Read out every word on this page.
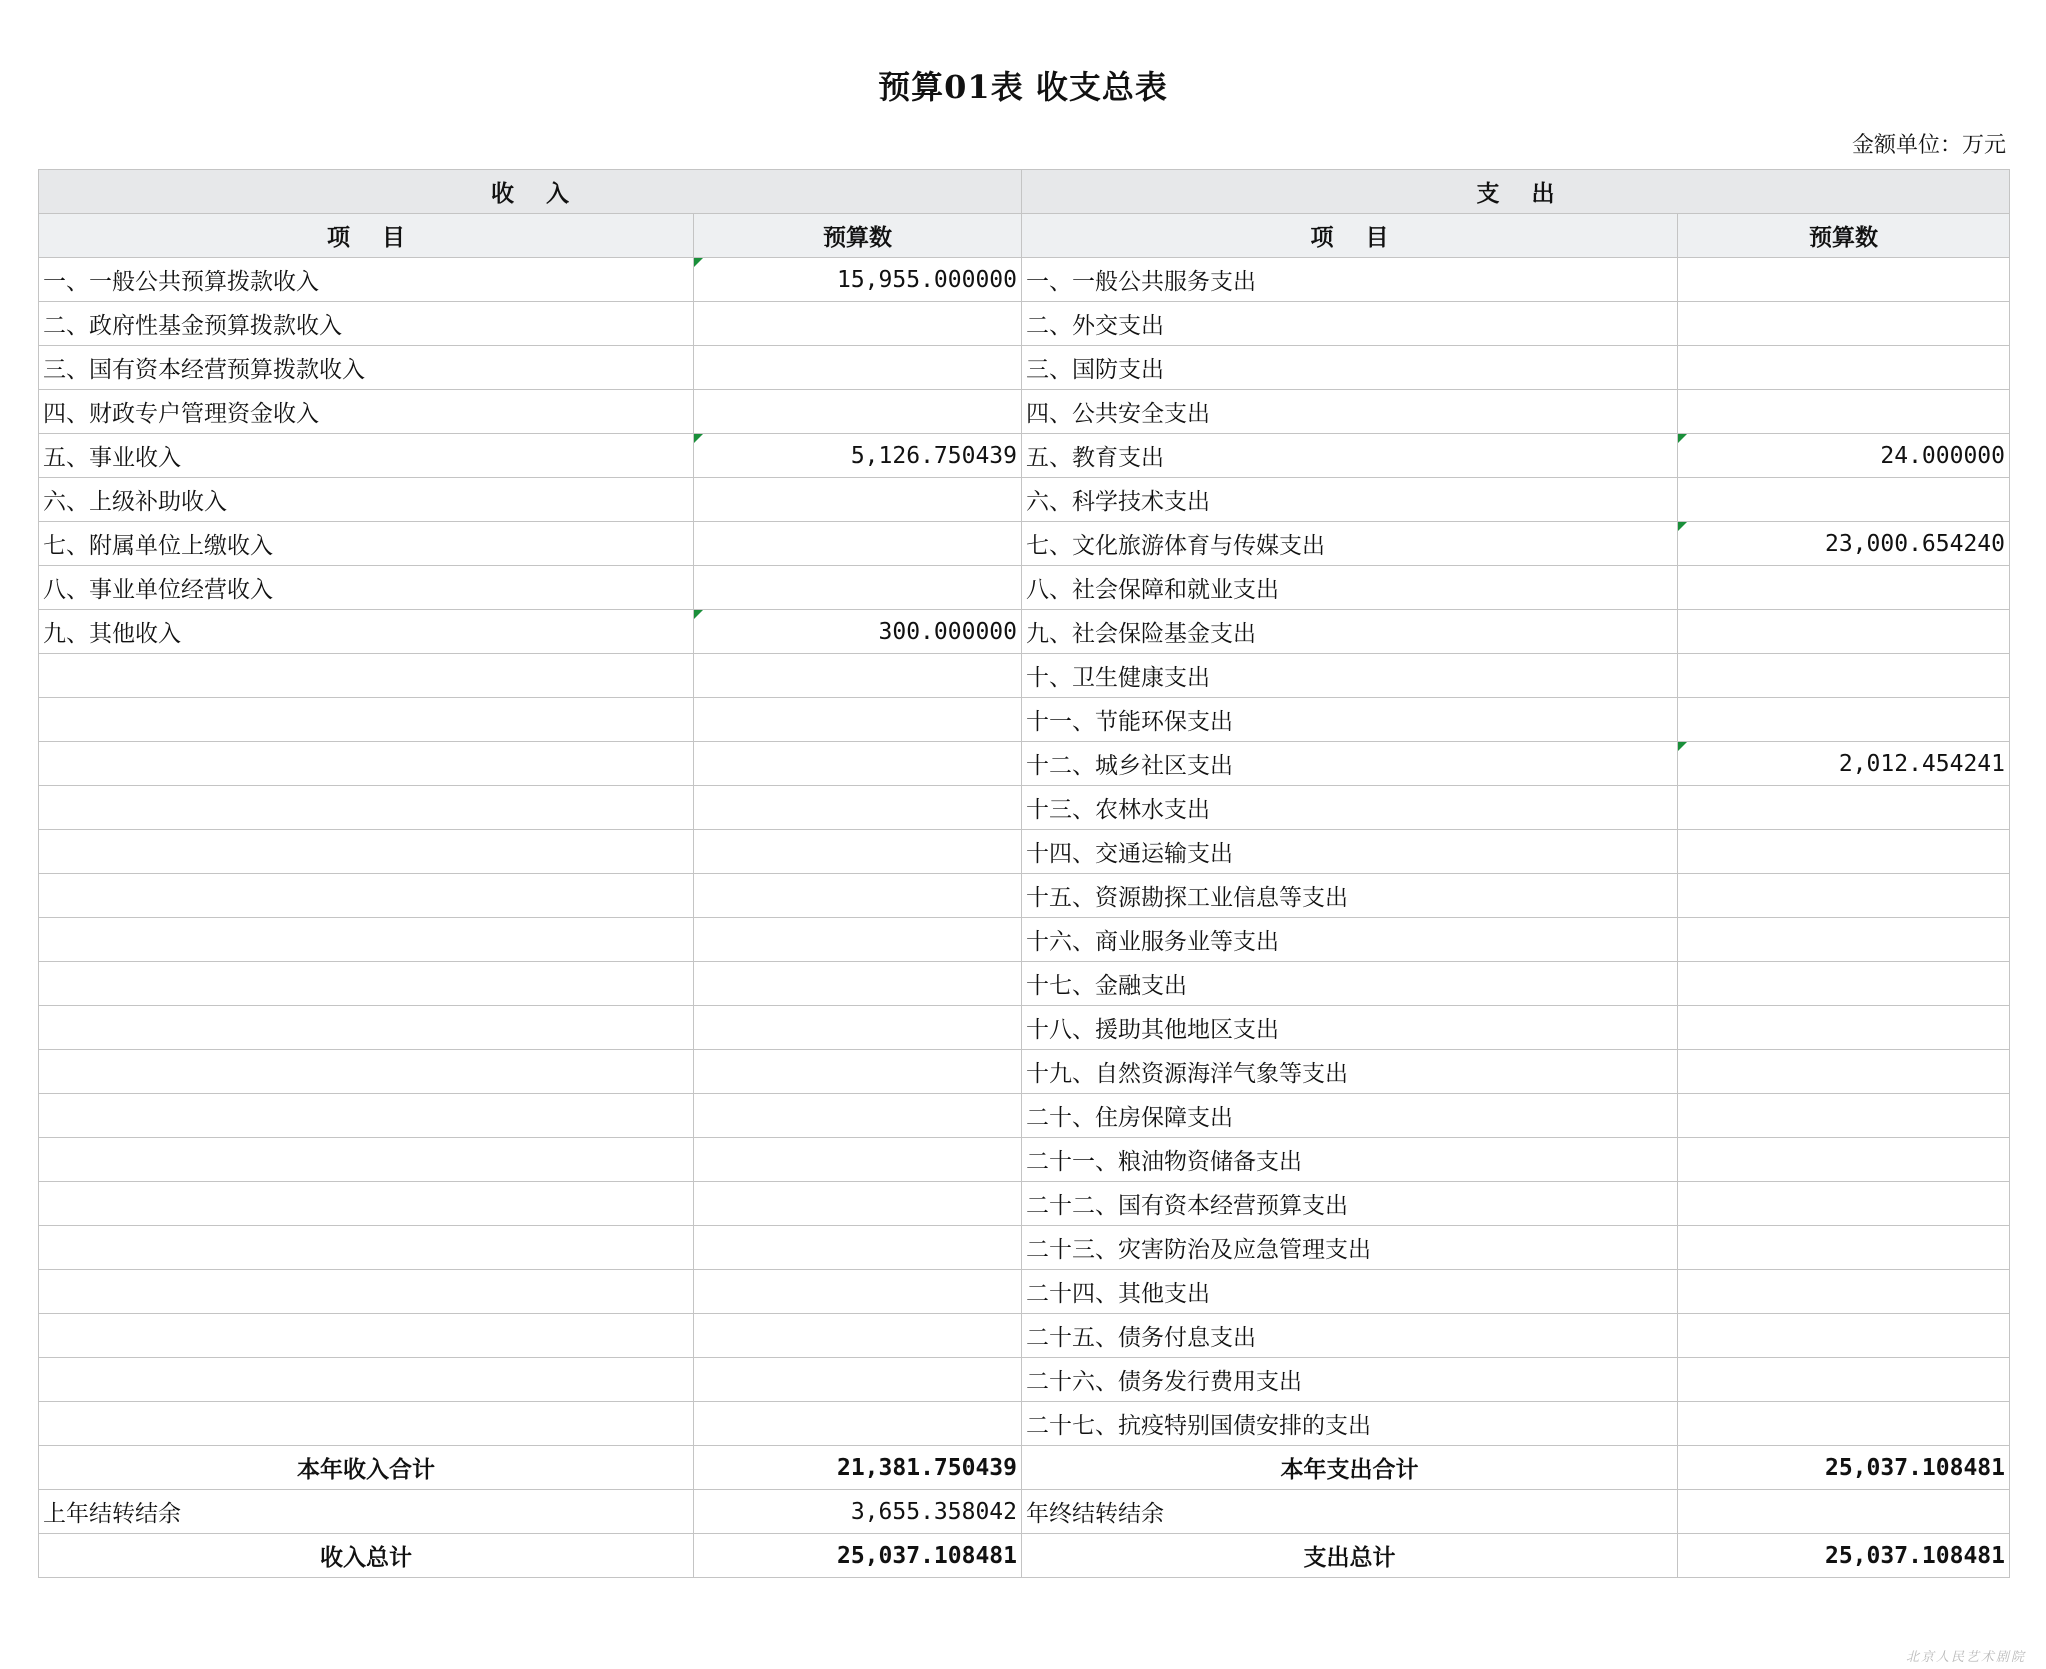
预算01表 收支总表
金额单位：万元
收    入		支    出	
项    目	预算数	项    目	预算数
一、一般公共预算拨款收入	15,955.000000	一、一般公共服务支出	
二、政府性基金预算拨款收入		二、外交支出	
三、国有资本经营预算拨款收入		三、国防支出	
四、财政专户管理资金收入		四、公共安全支出	
五、事业收入	5,126.750439	五、教育支出	24.000000
六、上级补助收入		六、科学技术支出	
七、附属单位上缴收入		七、文化旅游体育与传媒支出	23,000.654240
八、事业单位经营收入		八、社会保障和就业支出	
九、其他收入	300.000000	九、社会保险基金支出	
		十、卫生健康支出	
		十一、节能环保支出	
		十二、城乡社区支出	2,012.454241
		十三、农林水支出	
		十四、交通运输支出	
		十五、资源勘探工业信息等支出	
		十六、商业服务业等支出	
		十七、金融支出	
		十八、援助其他地区支出	
		十九、自然资源海洋气象等支出	
		二十、住房保障支出	
		二十一、粮油物资储备支出	
		二十二、国有资本经营预算支出	
		二十三、灾害防治及应急管理支出	
		二十四、其他支出	
		二十五、债务付息支出	
		二十六、债务发行费用支出	
		二十七、抗疫特别国债安排的支出	
本年收入合计	21,381.750439	本年支出合计	25,037.108481
上年结转结余	3,655.358042	年终结转结余	
收入总计	25,037.108481	支出总计	25,037.108481
北京人民艺术剧院
